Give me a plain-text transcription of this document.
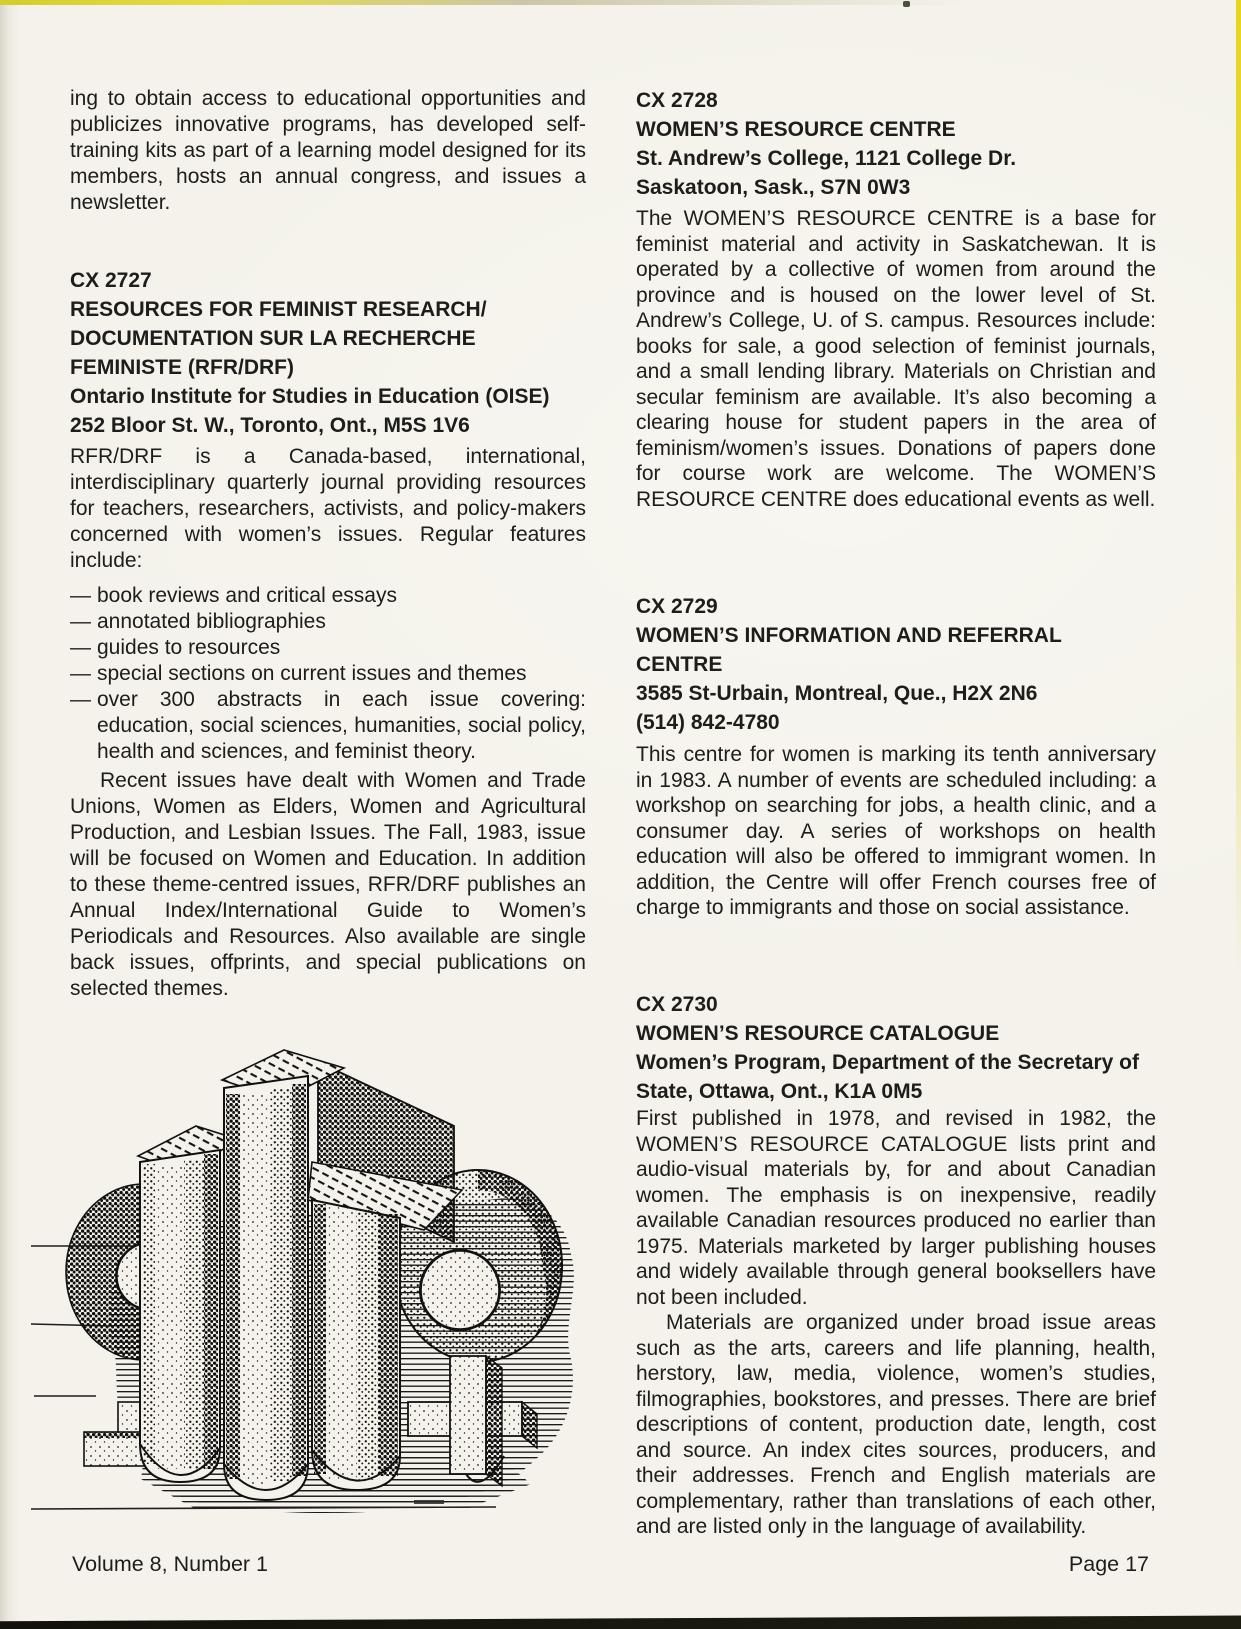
ing to obtain access to educational opportunities and publicizes innovative programs, has developed self-training kits as part of a learning model designed for its members, hosts an annual congress, and issues a newsletter.

CX 2727
RESOURCES FOR FEMINIST RESEARCH/
DOCUMENTATION SUR LA RECHERCHE
FEMINISTE (RFR/DRF)
Ontario Institute for Studies in Education (OISE)
252 Bloor St. W., Toronto, Ont., M5S 1V6

RFR/DRF is a Canada-based, international, interdisciplinary quarterly journal providing resources for teachers, researchers, activists, and policy-makers concerned with women’s issues. Regular features include:

— book reviews and critical essays
— annotated bibliographies
— guides to resources
— special sections on current issues and themes
— over 300 abstracts in each issue covering: education, social sciences, humanities, social policy, health and sciences, and feminist theory.

Recent issues have dealt with Women and Trade Unions, Women as Elders, Women and Agricultural Production, and Lesbian Issues. The Fall, 1983, issue will be focused on Women and Education. In addition to these theme-centred issues, RFR/DRF publishes an Annual Index/International Guide to Women’s Periodicals and Resources. Also available are single back issues, offprints, and special publications on selected themes.

CX 2728
WOMEN’S RESOURCE CENTRE
St. Andrew’s College, 1121 College Dr.
Saskatoon, Sask., S7N 0W3

The WOMEN’S RESOURCE CENTRE is a base for feminist material and activity in Saskatchewan. It is operated by a collective of women from around the province and is housed on the lower level of St. Andrew’s College, U. of S. campus. Resources include: books for sale, a good selection of feminist journals, and a small lending library. Materials on Christian and secular feminism are available. It’s also becoming a clearing house for student papers in the area of feminism/women’s issues. Donations of papers done for course work are welcome. The WOMEN’S RESOURCE CENTRE does educational events as well.

CX 2729
WOMEN’S INFORMATION AND REFERRAL
CENTRE
3585 St-Urbain, Montreal, Que., H2X 2N6
(514) 842-4780

This centre for women is marking its tenth anniversary in 1983. A number of events are scheduled including: a workshop on searching for jobs, a health clinic, and a consumer day. A series of workshops on health education will also be offered to immigrant women. In addition, the Centre will offer French courses free of charge to immigrants and those on social assistance.

CX 2730
WOMEN’S RESOURCE CATALOGUE
Women’s Program, Department of the Secretary of State, Ottawa, Ont., K1A 0M5

First published in 1978, and revised in 1982, the WOMEN’S RESOURCE CATALOGUE lists print and audio-visual materials by, for and about Canadian women. The emphasis is on inexpensive, readily available Canadian resources produced no earlier than 1975. Materials marketed by larger publishing houses and widely available through general booksellers have not been included.

Materials are organized under broad issue areas such as the arts, careers and life planning, health, herstory, law, media, violence, women’s studies, filmographies, bookstores, and presses. There are brief descriptions of content, production date, length, cost and source. An index cites sources, producers, and their addresses. French and English materials are complementary, rather than translations of each other, and are listed only in the language of availability.

Volume 8, Number 1	Page 17
